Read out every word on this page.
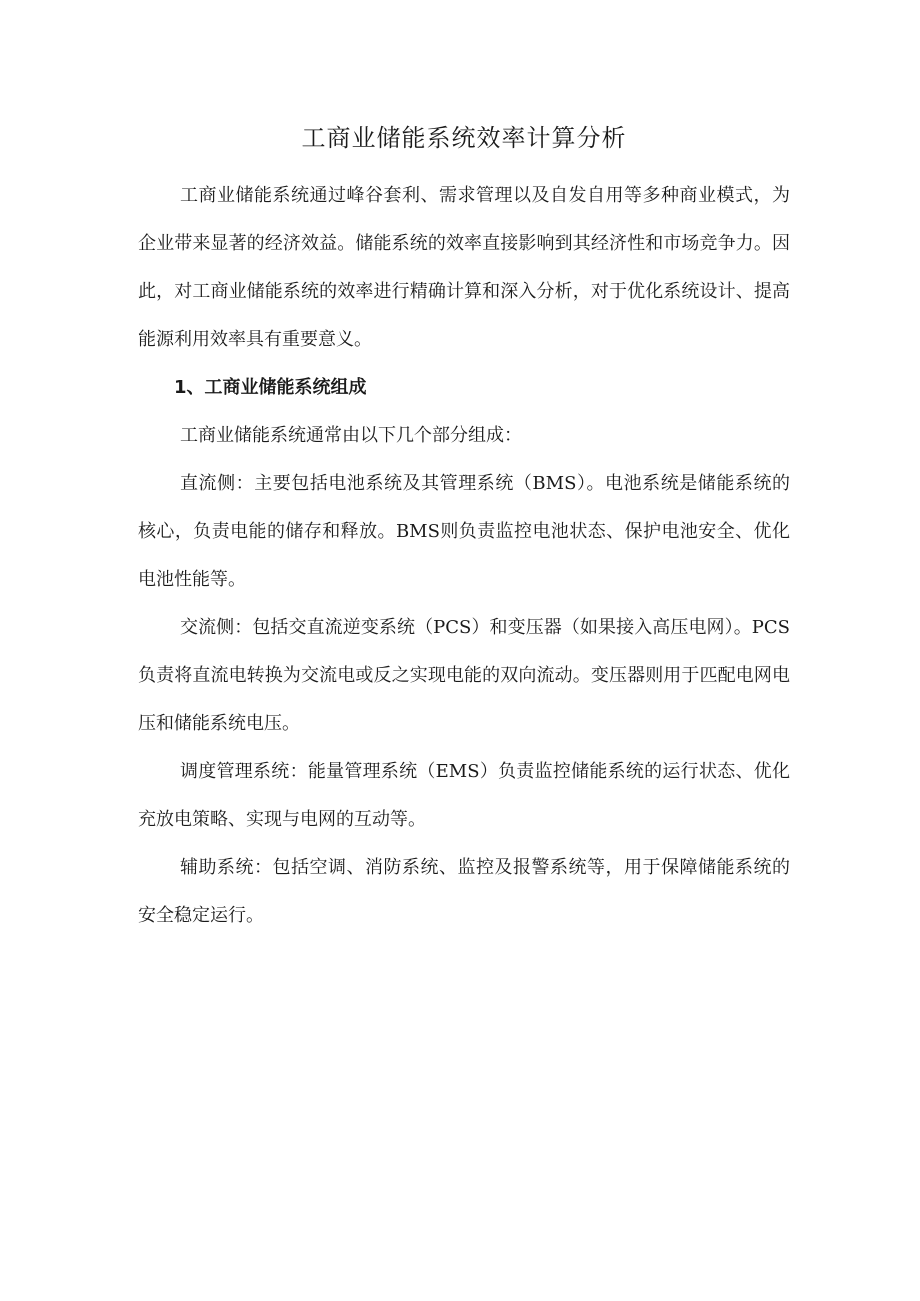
工商业储能系统效率计算分析

工商业储能系统通过峰谷套利、需求管理以及自发自用等多种商业模式，为企业带来显著的经济效益。储能系统的效率直接影响到其经济性和市场竞争力。因此，对工商业储能系统的效率进行精确计算和深入分析，对于优化系统设计、提高能源利用效率具有重要意义。

1、工商业储能系统组成

工商业储能系统通常由以下几个部分组成：

直流侧：主要包括电池系统及其管理系统（BMS）。电池系统是储能系统的核心，负责电能的储存和释放。BMS则负责监控电池状态、保护电池安全、优化电池性能等。

交流侧：包括交直流逆变系统（PCS）和变压器（如果接入高压电网）。PCS负责将直流电转换为交流电或反之实现电能的双向流动。变压器则用于匹配电网电压和储能系统电压。

调度管理系统：能量管理系统（EMS）负责监控储能系统的运行状态、优化充放电策略、实现与电网的互动等。

辅助系统：包括空调、消防系统、监控及报警系统等，用于保障储能系统的安全稳定运行。
